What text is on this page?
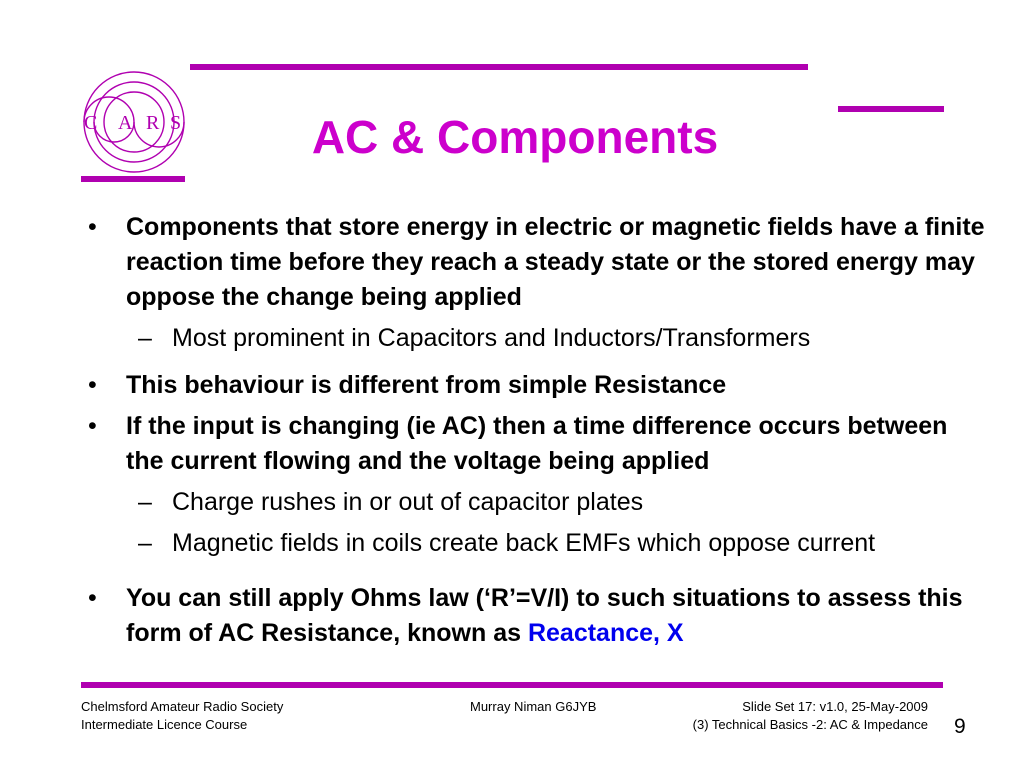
C A R S	AC & Components
• Components that store energy in electric or magnetic fields have a finite reaction time before they reach a steady state or the stored energy may oppose the change being applied
– Most prominent in Capacitors and Inductors/Transformers
• This behaviour is different from simple Resistance
• If the input is changing (ie AC) then a time difference occurs between the current flowing and the voltage being applied
– Charge rushes in or out of capacitor plates
– Magnetic fields in coils create back EMFs which oppose current
• You can still apply Ohms law (‘R’=V/I) to such situations to assess this form of AC Resistance, known as Reactance, X
Chelmsford Amateur Radio Society
Intermediate Licence Course
Murray Niman G6JYB	Slide Set 17: v1.0, 25-May-2009
(3) Technical Basics -2: AC & Impedance 9
